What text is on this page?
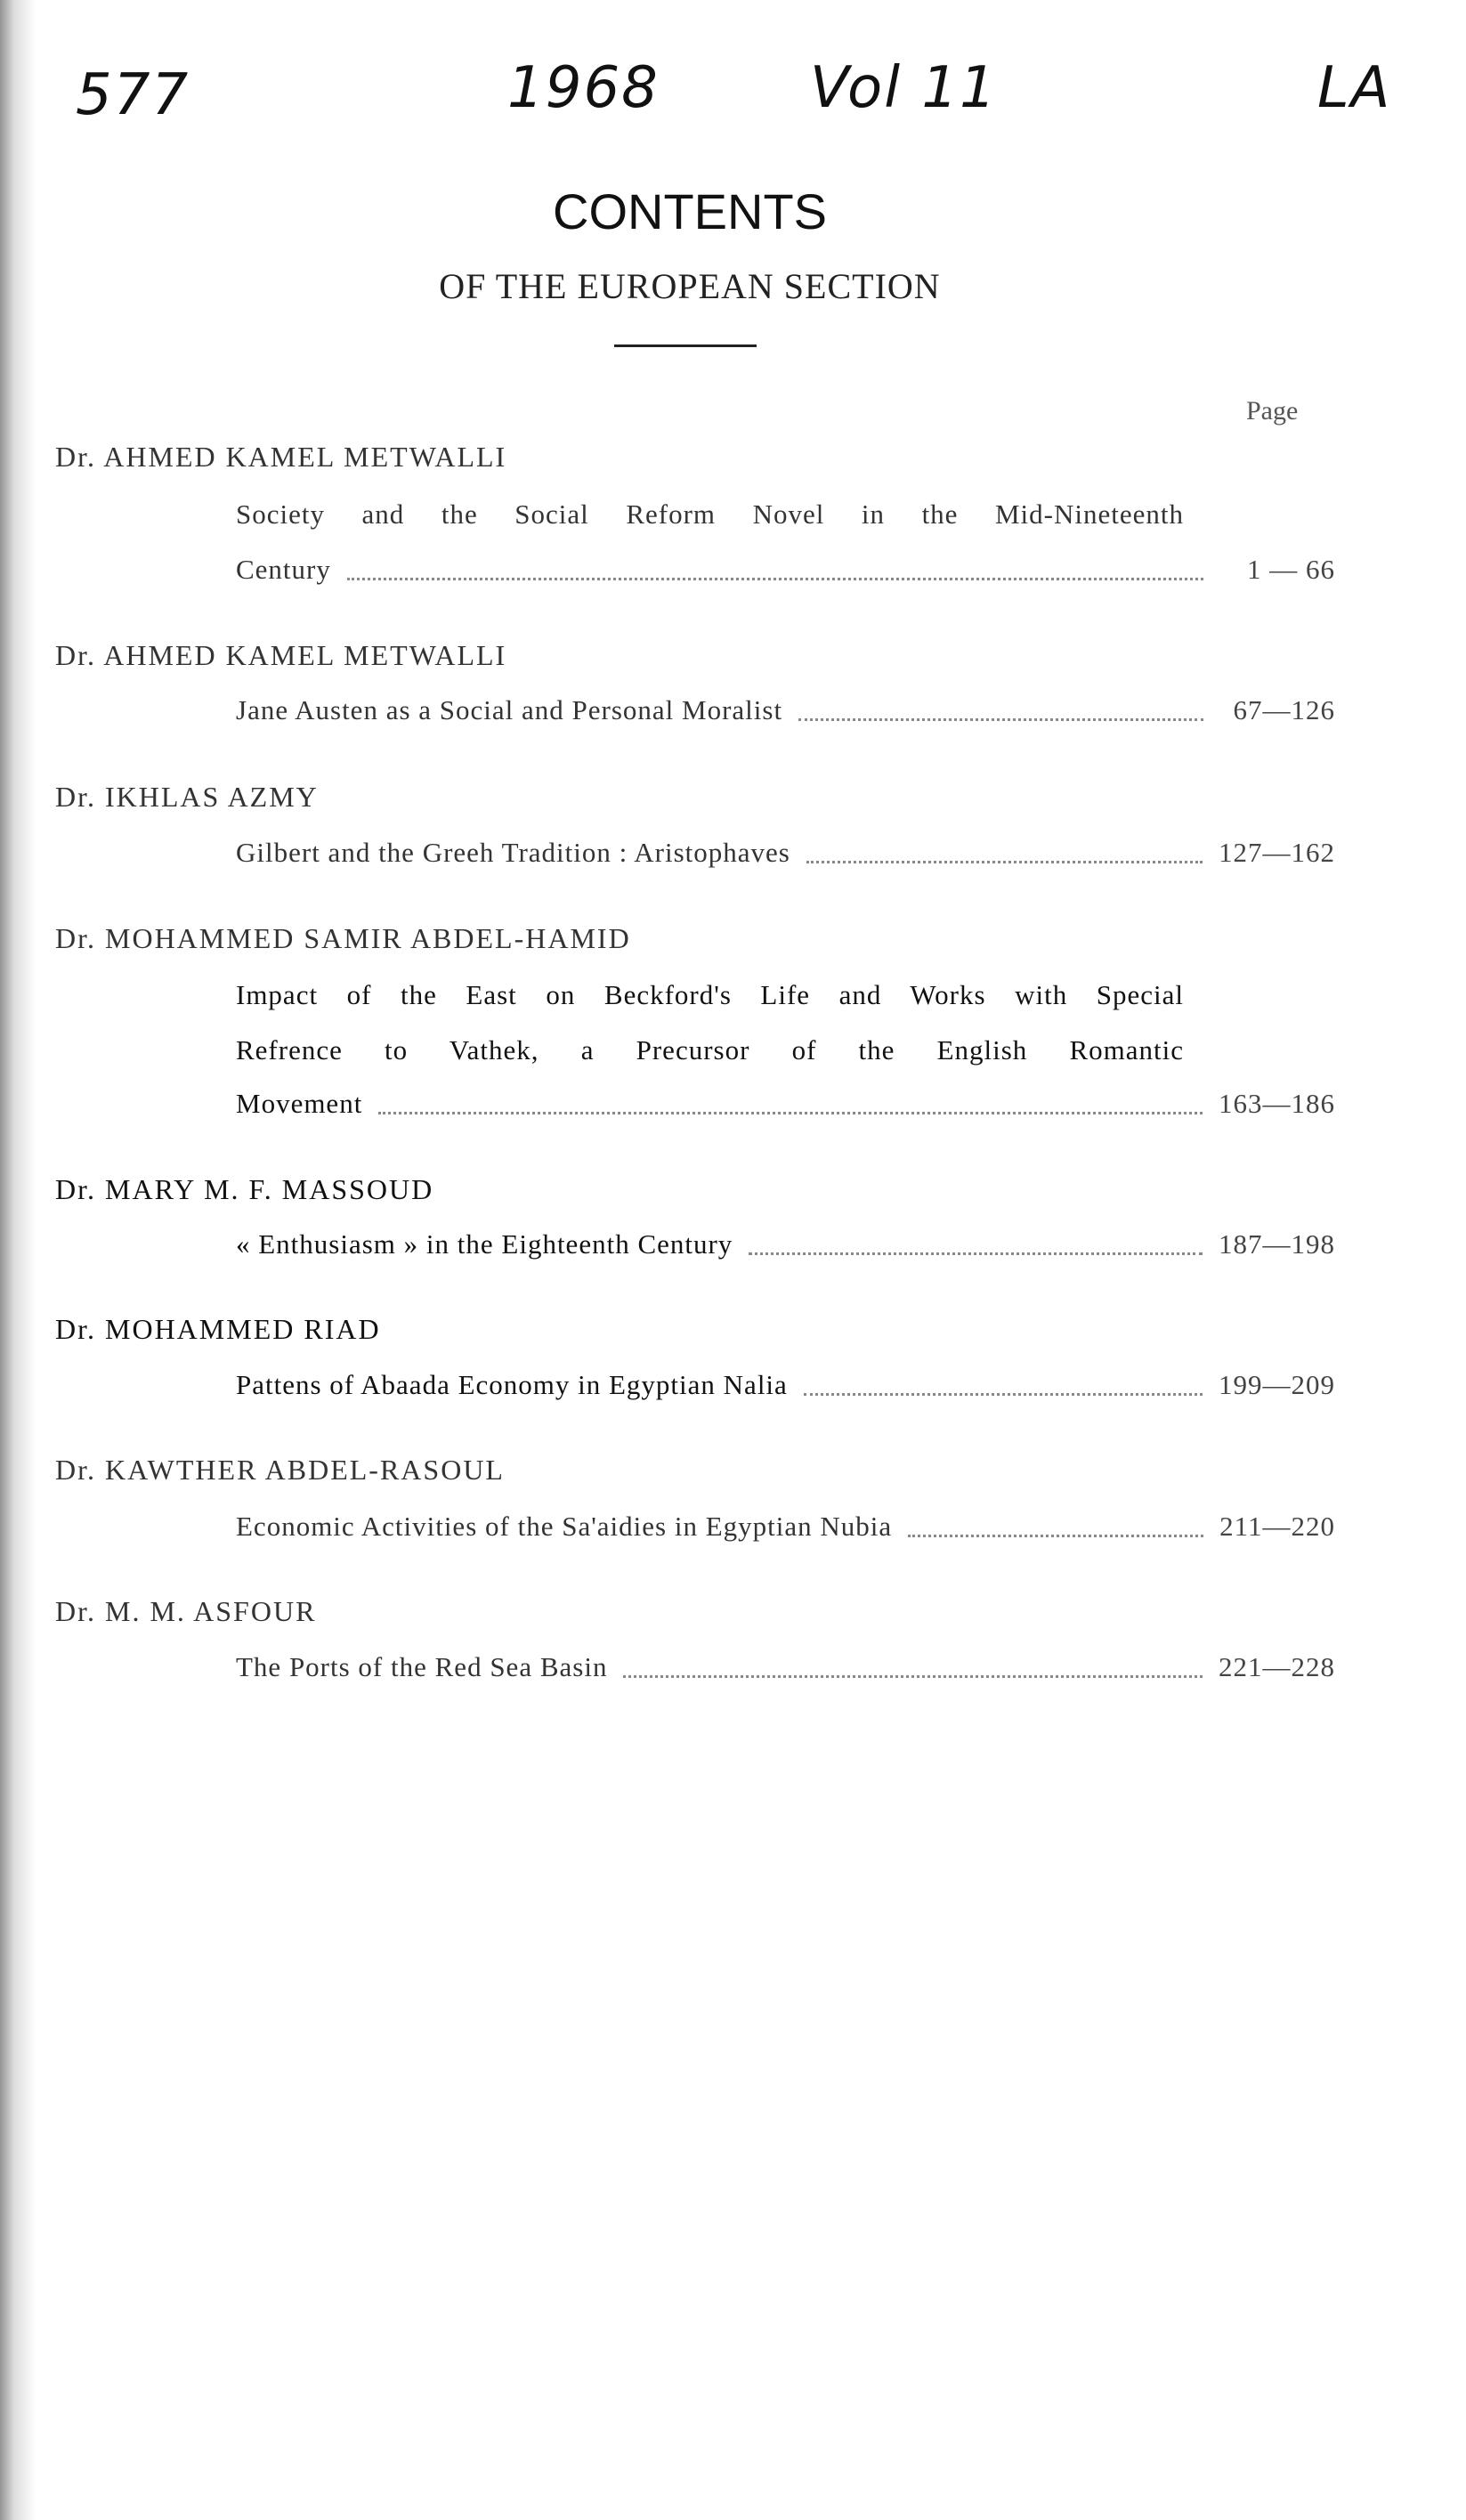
577	1968	Vol 11	LA
CONTENTS
OF THE EUROPEAN SECTION
Page
Dr. AHMED KAMEL METWALLI
Society and the Social Reform Novel in the Mid-Nineteenth
Century	1 — 66
Dr. AHMED KAMEL METWALLI
Jane Austen as a Social and Personal Moralist	67—126
Dr. IKHLAS AZMY
Gilbert and the Greeh Tradition : Aristophaves	127—162
Dr. MOHAMMED SAMIR ABDEL-HAMID
Impact of the East on Beckford's Life and Works with Special
Refrence to Vathek, a Precursor of the English Romantic
Movement	163—186
Dr. MARY M. F. MASSOUD
« Enthusiasm » in the Eighteenth Century	187—198
Dr. MOHAMMED RIAD
Pattens of Abaada Economy in Egyptian Nalia	199—209
Dr. KAWTHER ABDEL-RASOUL
Economic Activities of the Sa'aidies in Egyptian Nubia	211—220
Dr. M. M. ASFOUR
The Ports of the Red Sea Basin	221—228
